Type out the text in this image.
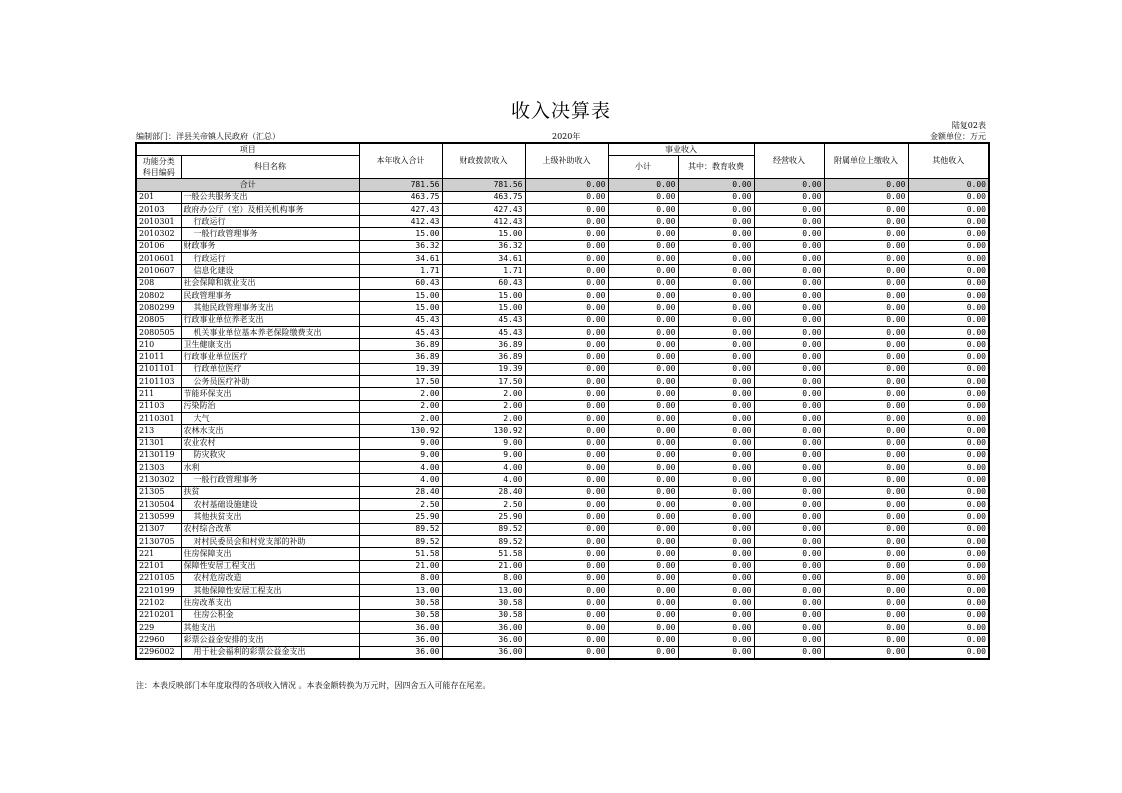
收入决算表
陆复02表
编制部门：洋县关帝镇人民政府（汇总）	2020年	金额单位：万元
项目		本年收入合计	财政拨款收入	上级补助收入	事业收入		经营收入	附属单位上缴收入	其他收入
功能分类科目编码	科目名称								
					小计	其中：教育收费			
合计		781.56	781.56	0.00	0.00	0.00	0.00	0.00	0.00
201	一般公共服务支出	463.75	463.75	0.00	0.00	0.00	0.00	0.00	0.00
20103	政府办公厅（室）及相关机构事务	427.43	427.43	0.00	0.00	0.00	0.00	0.00	0.00
2010301	行政运行	412.43	412.43	0.00	0.00	0.00	0.00	0.00	0.00
2010302	一般行政管理事务	15.00	15.00	0.00	0.00	0.00	0.00	0.00	0.00
20106	财政事务	36.32	36.32	0.00	0.00	0.00	0.00	0.00	0.00
2010601	行政运行	34.61	34.61	0.00	0.00	0.00	0.00	0.00	0.00
2010607	信息化建设	1.71	1.71	0.00	0.00	0.00	0.00	0.00	0.00
208	社会保障和就业支出	60.43	60.43	0.00	0.00	0.00	0.00	0.00	0.00
20802	民政管理事务	15.00	15.00	0.00	0.00	0.00	0.00	0.00	0.00
2080299	其他民政管理事务支出	15.00	15.00	0.00	0.00	0.00	0.00	0.00	0.00
20805	行政事业单位养老支出	45.43	45.43	0.00	0.00	0.00	0.00	0.00	0.00
2080505	机关事业单位基本养老保险缴费支出	45.43	45.43	0.00	0.00	0.00	0.00	0.00	0.00
210	卫生健康支出	36.89	36.89	0.00	0.00	0.00	0.00	0.00	0.00
21011	行政事业单位医疗	36.89	36.89	0.00	0.00	0.00	0.00	0.00	0.00
2101101	行政单位医疗	19.39	19.39	0.00	0.00	0.00	0.00	0.00	0.00
2101103	公务员医疗补助	17.50	17.50	0.00	0.00	0.00	0.00	0.00	0.00
211	节能环保支出	2.00	2.00	0.00	0.00	0.00	0.00	0.00	0.00
21103	污染防治	2.00	2.00	0.00	0.00	0.00	0.00	0.00	0.00
2110301	大气	2.00	2.00	0.00	0.00	0.00	0.00	0.00	0.00
213	农林水支出	130.92	130.92	0.00	0.00	0.00	0.00	0.00	0.00
21301	农业农村	9.00	9.00	0.00	0.00	0.00	0.00	0.00	0.00
2130119	防灾救灾	9.00	9.00	0.00	0.00	0.00	0.00	0.00	0.00
21303	水利	4.00	4.00	0.00	0.00	0.00	0.00	0.00	0.00
2130302	一般行政管理事务	4.00	4.00	0.00	0.00	0.00	0.00	0.00	0.00
21305	扶贫	28.40	28.40	0.00	0.00	0.00	0.00	0.00	0.00
2130504	农村基础设施建设	2.50	2.50	0.00	0.00	0.00	0.00	0.00	0.00
2130599	其他扶贫支出	25.90	25.90	0.00	0.00	0.00	0.00	0.00	0.00
21307	农村综合改革	89.52	89.52	0.00	0.00	0.00	0.00	0.00	0.00
2130705	对村民委员会和村党支部的补助	89.52	89.52	0.00	0.00	0.00	0.00	0.00	0.00
221	住房保障支出	51.58	51.58	0.00	0.00	0.00	0.00	0.00	0.00
22101	保障性安居工程支出	21.00	21.00	0.00	0.00	0.00	0.00	0.00	0.00
2210105	农村危房改造	8.00	8.00	0.00	0.00	0.00	0.00	0.00	0.00
2210199	其他保障性安居工程支出	13.00	13.00	0.00	0.00	0.00	0.00	0.00	0.00
22102	住房改革支出	30.58	30.58	0.00	0.00	0.00	0.00	0.00	0.00
2210201	住房公积金	30.58	30.58	0.00	0.00	0.00	0.00	0.00	0.00
229	其他支出	36.00	36.00	0.00	0.00	0.00	0.00	0.00	0.00
22960	彩票公益金安排的支出	36.00	36.00	0.00	0.00	0.00	0.00	0.00	0.00
2296002	用于社会福利的彩票公益金支出	36.00	36.00	0.00	0.00	0.00	0.00	0.00	0.00
注：本表反映部门本年度取得的各项收入情况 。本表金额转换为万元时，因四舍五入可能存在尾差。
